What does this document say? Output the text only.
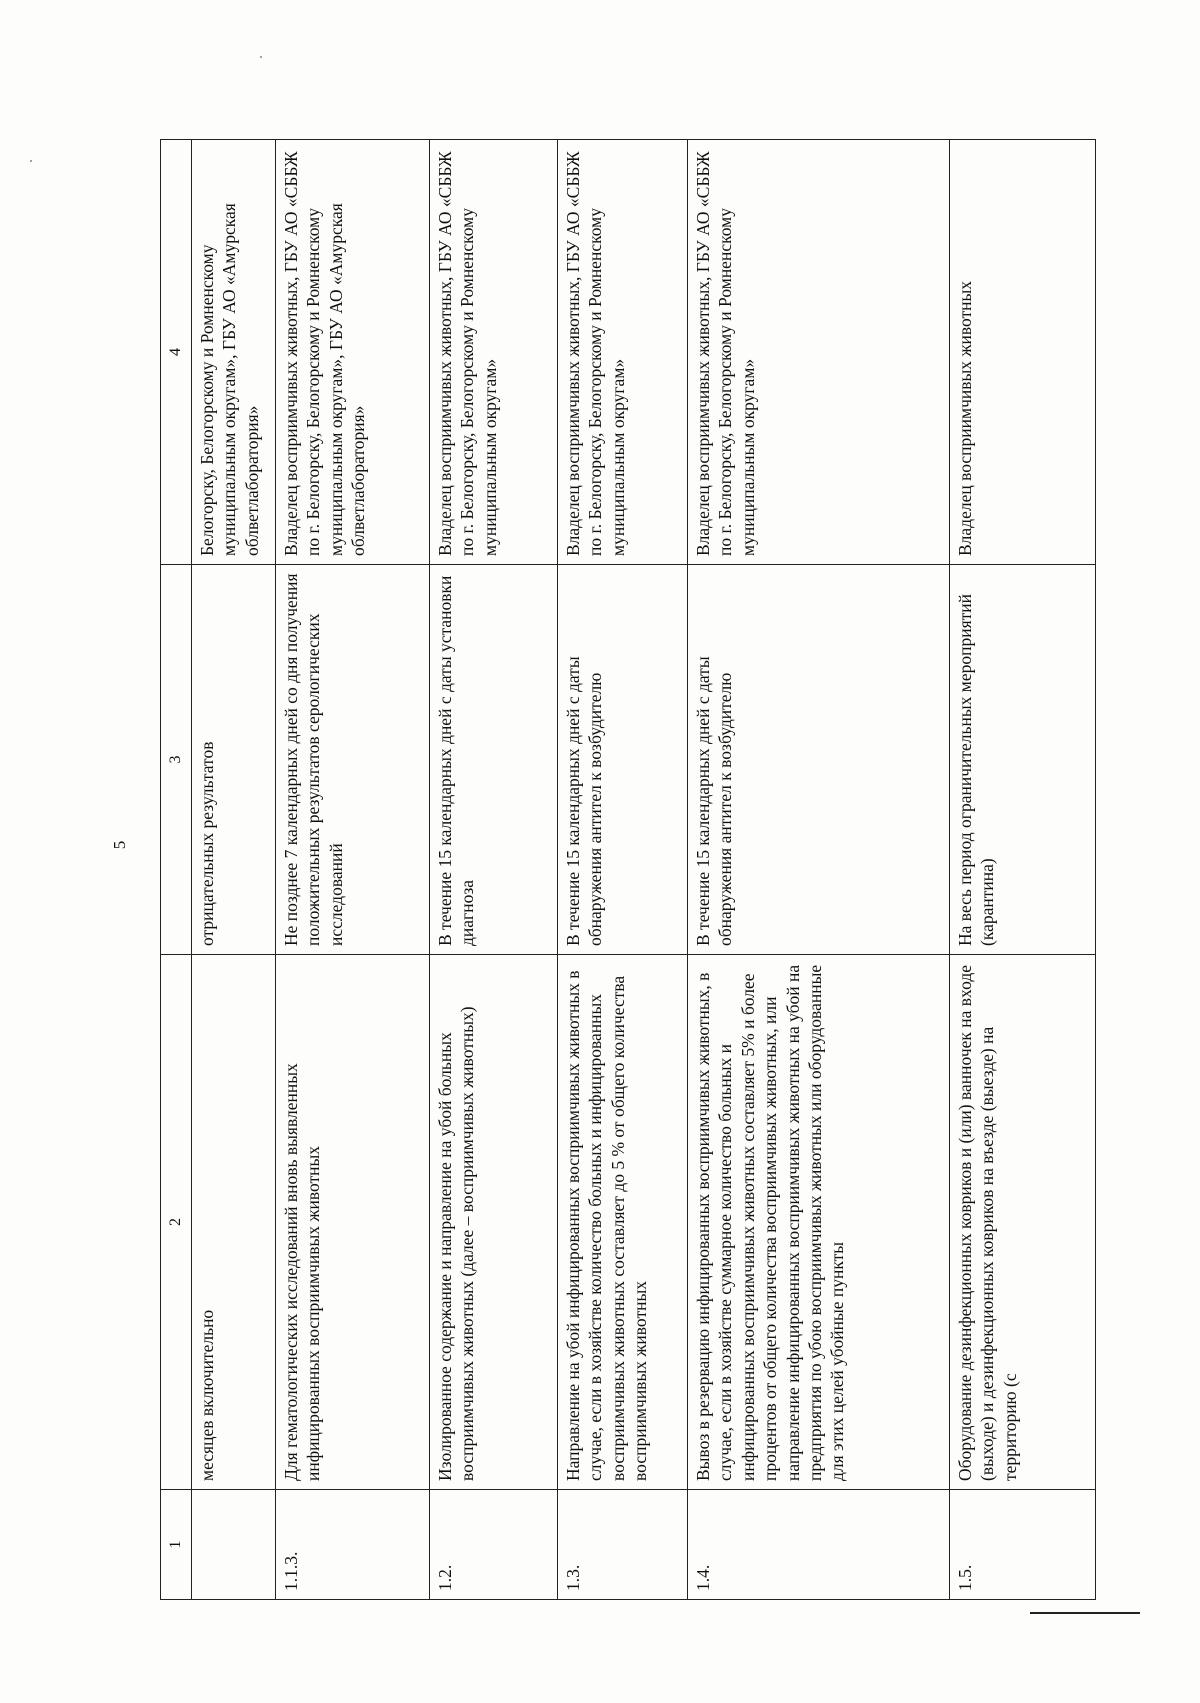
5
1	2	3	4
	месяцев включительно	отрицательных результатов	Белогорску, Белогорскому и Ромненскому муниципальным округам», ГБУ АО «Амурская облветлаборатория»
1.1.3.	Для гематологических исследований вновь выявленных инфицированных восприимчивых животных	Не позднее 7 календарных дней со дня получения положительных результатов серологических исследований	Владелец восприимчивых животных, ГБУ АО «СББЖ по г. Белогорску, Белогорскому и Ромненскому муниципальным округам», ГБУ АО «Амурская облветлаборатория»
1.2.	Изолированное содержание и направление на убой больных восприимчивых животных (далее – восприимчивых животных)	В течение 15 календарных дней с даты установки диагноза	Владелец восприимчивых животных, ГБУ АО «СББЖ по г. Белогорску, Белогорскому и Ромненскому муниципальным округам»
1.3.	Направление на убой инфицированных восприимчивых животных в случае, если в хозяйстве количество больных и инфицированных восприимчивых животных составляет до 5 % от общего количества восприимчивых животных	В течение 15 календарных дней с даты обнаружения антител к возбудителю	Владелец восприимчивых животных, ГБУ АО «СББЖ по г. Белогорску, Белогорскому и Ромненскому муниципальным округам»
1.4.	Вывоз в резервацию инфицированных восприимчивых животных, в случае, если в хозяйстве суммарное количество больных и инфицированных восприимчивых животных составляет 5% и более процентов от общего количества восприимчивых животных, или направление инфицированных восприимчивых животных на убой на предприятия по убою восприимчивых животных или оборудованные для этих целей убойные пункты	В течение 15 календарных дней с даты обнаружения антител к возбудителю	Владелец восприимчивых животных, ГБУ АО «СББЖ по г. Белогорску, Белогорскому и Ромненскому муниципальным округам»
1.5.	Оборудование дезинфекционных ковриков и (или) ванночек на входе (выходе) и дезинфекционных ковриков на въезде (выезде) на территорию (с	На весь период ограничительных мероприятий (карантина)	Владелец восприимчивых животных
